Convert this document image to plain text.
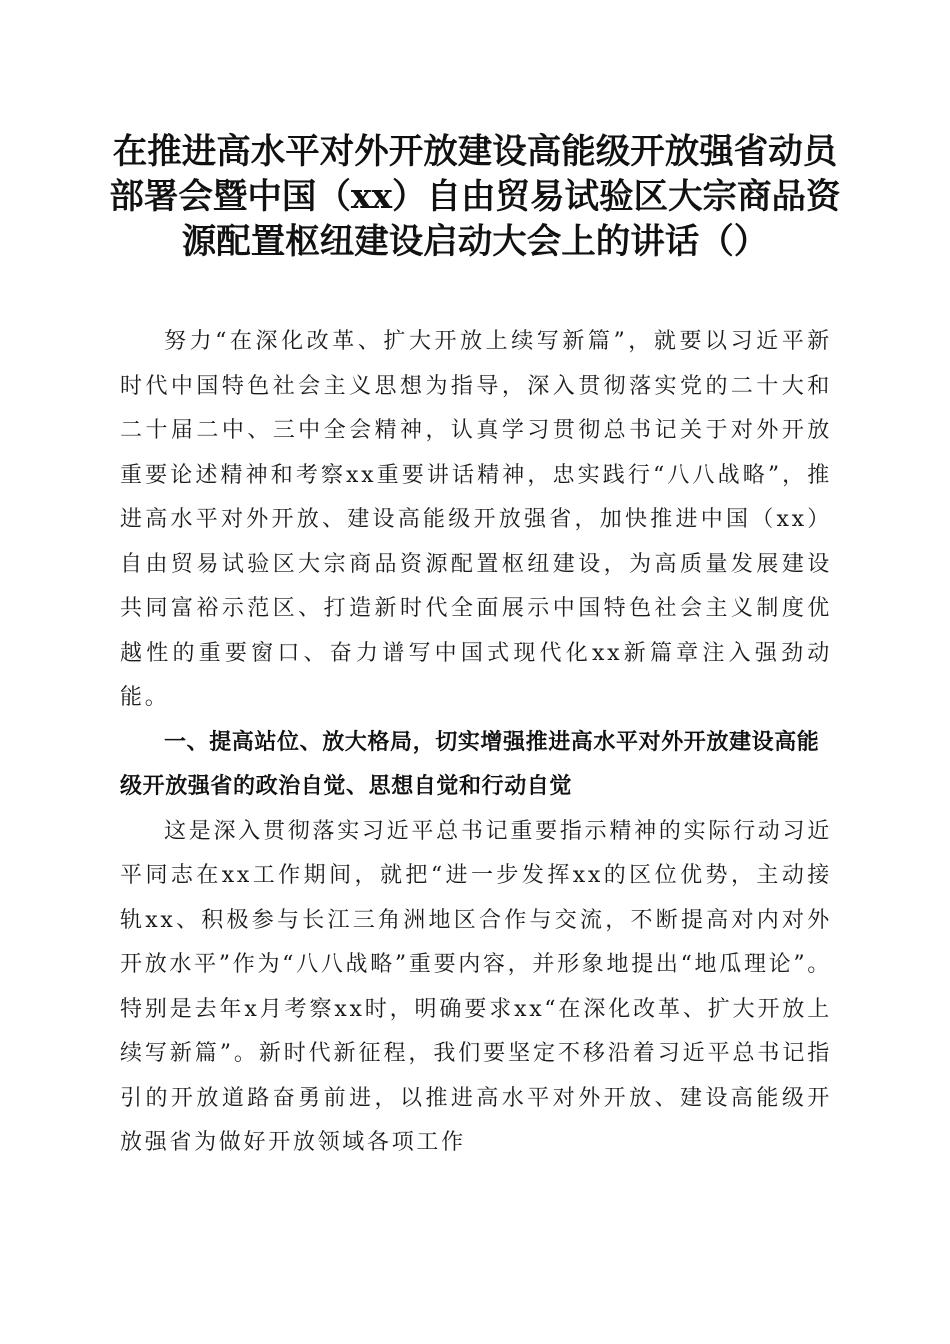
在推进高水平对外开放建设高能级开放强省动员部署会暨中国（xx）自由贸易试验区大宗商品资源配置枢纽建设启动大会上的讲话（）

努力“在深化改革、扩大开放上续写新篇”，就要以习近平新时代中国特色社会主义思想为指导，深入贯彻落实党的二十大和二十届二中、三中全会精神，认真学习贯彻总书记关于对外开放重要论述精神和考察xx重要讲话精神，忠实践行“八八战略”，推进高水平对外开放、建设高能级开放强省，加快推进中国（xx）自由贸易试验区大宗商品资源配置枢纽建设，为高质量发展建设共同富裕示范区、打造新时代全面展示中国特色社会主义制度优越性的重要窗口、奋力谱写中国式现代化xx新篇章注入强劲动能。

一、提高站位、放大格局，切实增强推进高水平对外开放建设高能级开放强省的政治自觉、思想自觉和行动自觉

这是深入贯彻落实习近平总书记重要指示精神的实际行动习近平同志在xx工作期间，就把“进一步发挥xx的区位优势，主动接轨xx、积极参与长江三角洲地区合作与交流，不断提高对内对外开放水平”作为“八八战略”重要内容，并形象地提出“地瓜理论”。特别是去年x月考察xx时，明确要求xx“在深化改革、扩大开放上续写新篇”。新时代新征程，我们要坚定不移沿着习近平总书记指引的开放道路奋勇前进，以推进高水平对外开放、建设高能级开放强省为做好开放领域各项工作
